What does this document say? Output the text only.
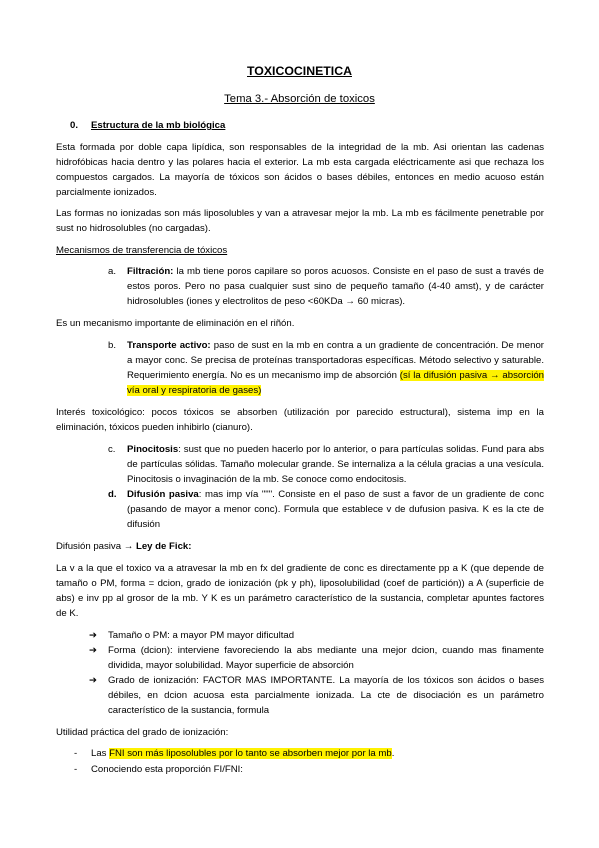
TOXICOCINETICA
Tema 3.- Absorción de toxicos
0. Estructura de la mb biológica
Esta formada por doble capa lipídica, son responsables de la integridad de la mb. Asi orientan las cadenas hidrofóbicas hacia dentro y las polares hacia el exterior. La mb esta cargada eléctricamente asi que rechaza los compuestos cargados. La mayoría de tóxicos son ácidos o bases débiles, entonces en medio acuoso están parcialmente ionizados.
Las formas no ionizadas son más liposolubles y van a atravesar mejor la mb. La mb es fácilmente penetrable por sust no hidrosolubles (no cargadas).
Mecanismos de transferencia de tóxicos
a. Filtración: la mb tiene poros capilare so poros acuosos. Consiste en el paso de sust a través de estos poros. Pero no pasa cualquier sust sino de pequeño tamaño (4-40 amst), y de carácter hidrosolubles (iones y electrolitos de peso <60KDa → 60 micras).
Es un mecanismo importante de eliminación en el riñón.
b. Transporte activo: paso de sust en la mb en contra a un gradiente de concentración. De menor a mayor conc. Se precisa de proteínas transportadoras específicas. Método selectivo y saturable. Requerimiento energía. No es un mecanismo imp de absorción (sí la difusión pasiva → absorción vía oral y respiratoria de gases)
Interés toxicológico: pocos tóxicos se absorben (utilización por parecido estructural), sistema imp en la eliminación, tóxicos pueden inhibirlo (cianuro).
c. Pinocitosis: sust que no pueden hacerlo por lo anterior, o para partículas solidas. Fund para abs de partículas sólidas. Tamaño molecular grande. Se internaliza a la célula gracias a una vesícula. Pinocitosis o invaginación de la mb. Se conoce como endocitosis.
d. Difusión pasiva: mas imp vía """. Consiste en el paso de sust a favor de un gradiente de conc (pasando de mayor a menor conc). Formula que establece v de dufusion pasiva. K es la cte de difusión
Difusión pasiva → Ley de Fick:
La v a la que el toxico va a atravesar la mb en fx del gradiente de conc es directamente pp a K (que depende de tamaño o PM, forma = dcion, grado de ionización (pk y ph), liposolubilidad (coef de partición)) a A (superficie de abs) e inv pp al grosor de la mb. Y K es un parámetro característico de la sustancia, completar apuntes factores de K.
➔ Tamaño o PM: a mayor PM mayor dificultad
➔ Forma (dcion): interviene favoreciendo la abs mediante una mejor dcion, cuando mas finamente dividida, mayor solubilidad. Mayor superficie de absorción
➔ Grado de ionización: FACTOR MAS IMPORTANTE. La mayoría de los tóxicos son ácidos o bases débiles, en dcion acuosa esta parcialmente ionizada. La cte de disociación es un parámetro característico de la sustancia, formula
Utilidad práctica del grado de ionización:
- Las FNI son más liposolubles por lo tanto se absorben mejor por la mb.
- Conociendo esta proporción FI/FNI:
